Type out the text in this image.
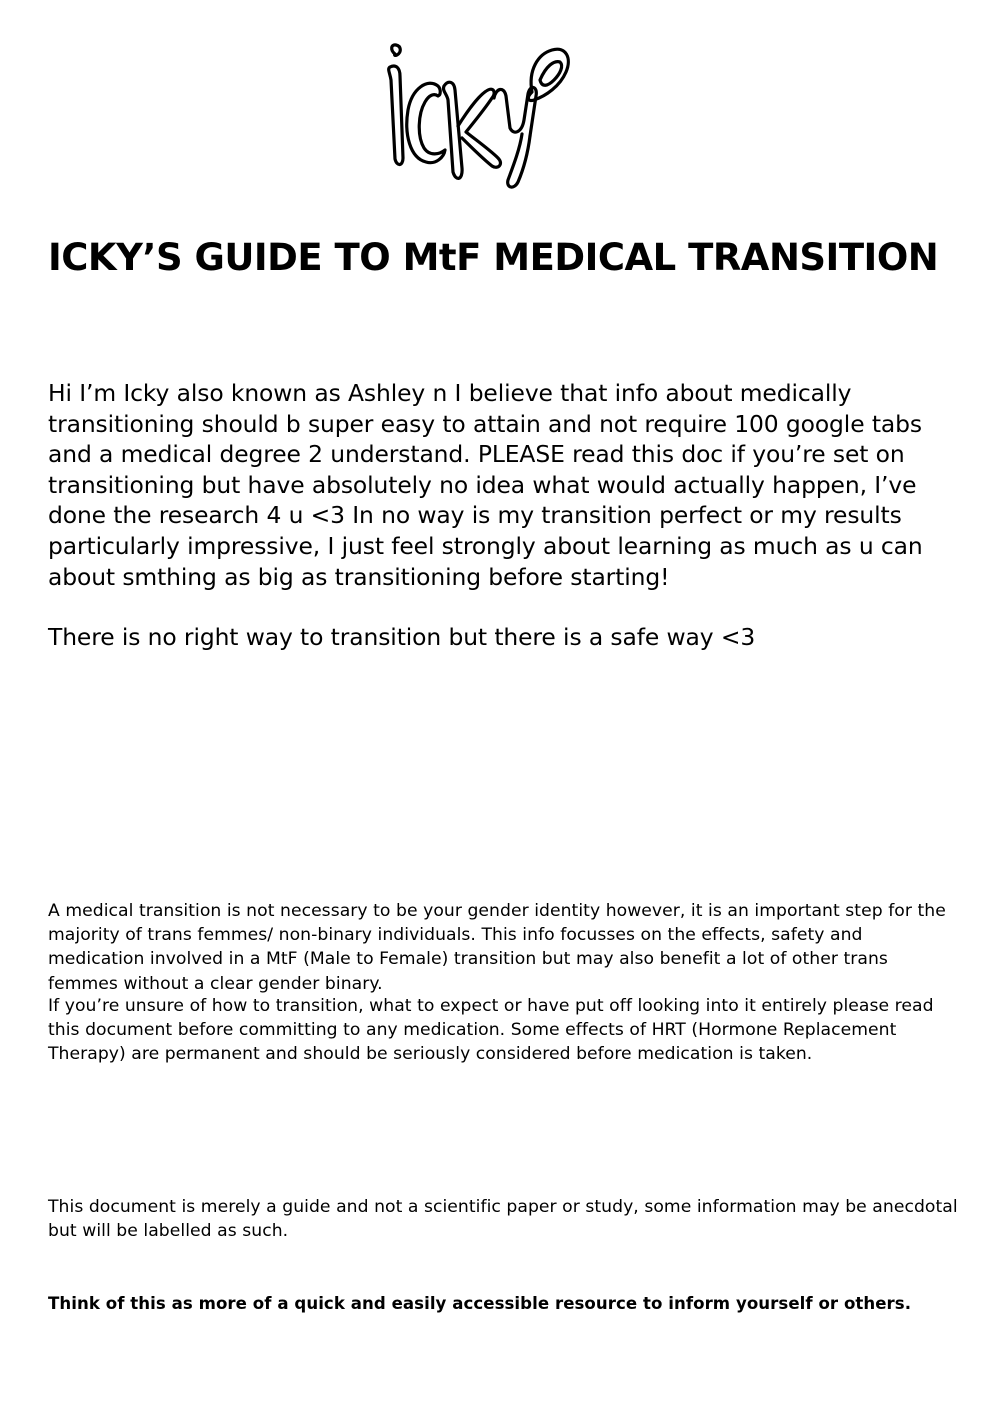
ICKY’S GUIDE TO MtF MEDICAL TRANSITION

Hi I’m Icky also known as Ashley n I believe that info about medically transitioning should b super easy to attain and not require 100 google tabs and a medical degree 2 understand. PLEASE read this doc if you’re set on transitioning but have absolutely no idea what would actually happen, I’ve done the research 4 u <3 In no way is my transition perfect or my results particularly impressive, I just feel strongly about learning as much as u can about smthing as big as transitioning before starting!

There is no right way to transition but there is a safe way <3

A medical transition is not necessary to be your gender identity however, it is an important step for the majority of trans femmes/ non-binary individuals. This info focusses on the effects, safety and medication involved in a MtF (Male to Female) transition but may also benefit a lot of other trans femmes without a clear gender binary.

If you’re unsure of how to transition, what to expect or have put off looking into it entirely please read this document before committing to any medication. Some effects of HRT (Hormone Replacement Therapy) are permanent and should be seriously considered before medication is taken.

This document is merely a guide and not a scientific paper or study, some information may be anecdotal but will be labelled as such.

Think of this as more of a quick and easily accessible resource to inform yourself or others.
